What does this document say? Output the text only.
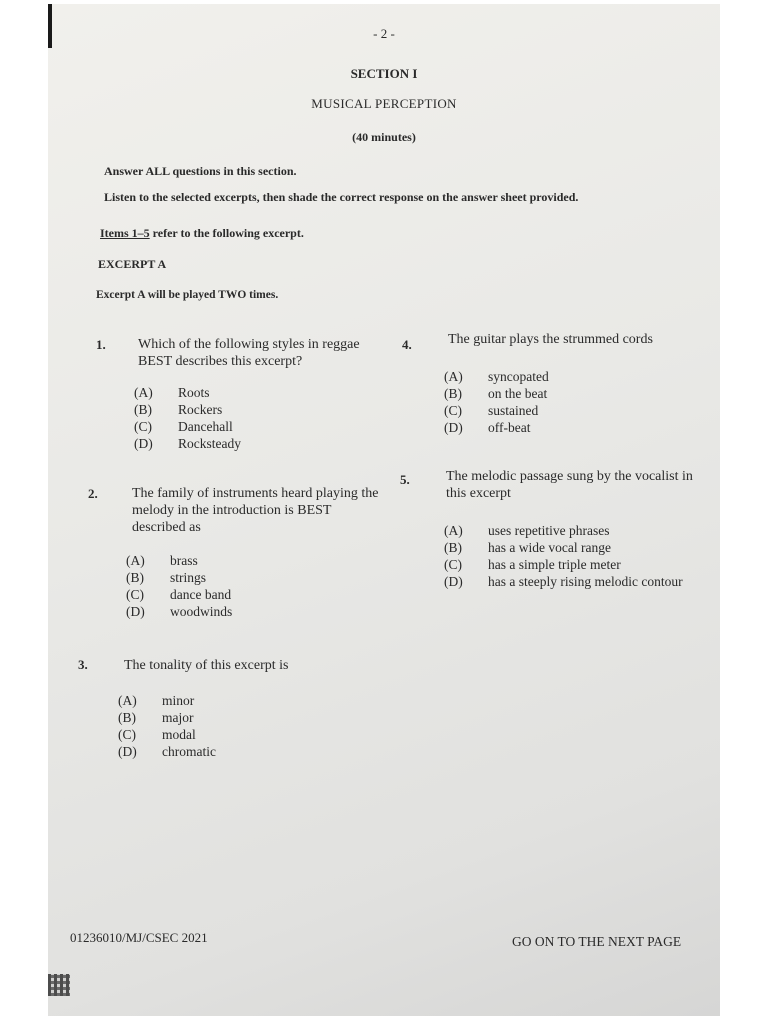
- 2 -
SECTION I
MUSICAL PERCEPTION
(40 minutes)
Answer ALL questions in this section.
Listen to the selected excerpts, then shade the correct response on the answer sheet provided.
Items 1–5 refer to the following excerpt.
EXCERPT A
Excerpt A will be played TWO times.
1. Which of the following styles in reggae BEST describes this excerpt?
(A)	Roots
(B)	Rockers
(C)	Dancehall
(D)	Rocksteady
2. The family of instruments heard playing the melody in the introduction is BEST described as
(A)	brass
(B)	strings
(C)	dance band
(D)	woodwinds
3.	The tonality of this excerpt is
(A)	minor
(B)	major
(C)	modal
(D)	chromatic
4.	The guitar plays the strummed cords
(A)	syncopated
(B)	on the beat
(C)	sustained
(D)	off-beat
5.	The melodic passage sung by the vocalist in this excerpt
(A)	uses repetitive phrases
(B)	has a wide vocal range
(C)	has a simple triple meter
(D)	has a steeply rising melodic contour
01236010/MJ/CSEC 2021	GO ON TO THE NEXT PAGE
